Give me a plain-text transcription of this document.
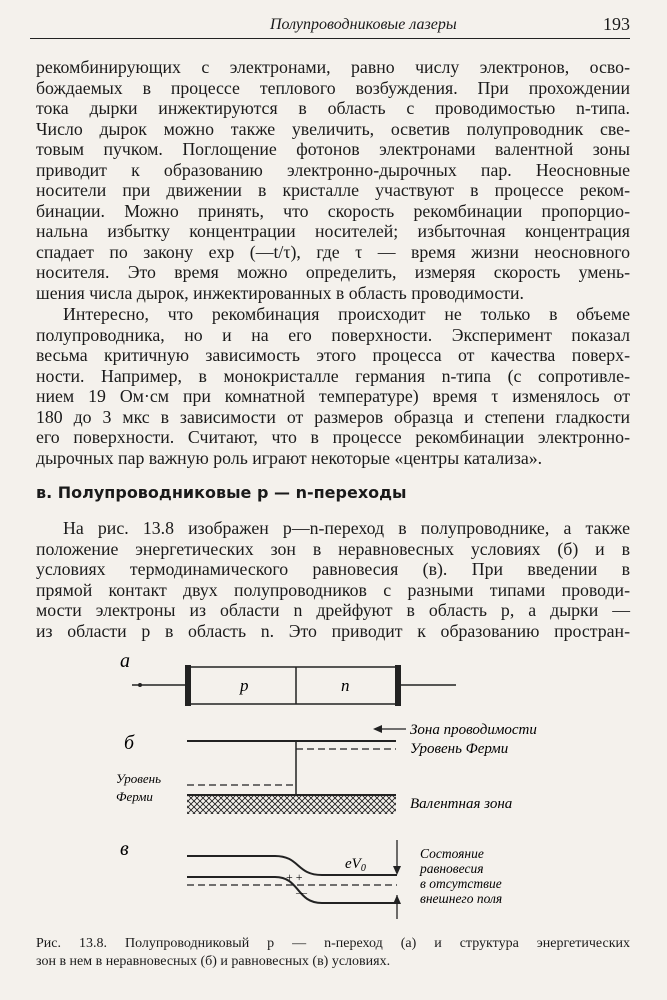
Полупроводниковые лазеры	193
рекомбинирующих с электронами, равно числу электронов, осво-
бождаемых в процессе теплового возбуждения. При прохождении
тока дырки инжектируются в область с проводимостью n-типа.
Число дырок можно также увеличить, осветив полупроводник све-
товым пучком. Поглощение фотонов электронами валентной зоны
приводит к образованию электронно-дырочных пар. Неосновные
носители при движении в кристалле участвуют в процессе реком-
бинации. Можно принять, что скорость рекомбинации пропорцио-
нальна избытку концентрации носителей; избыточная концентрация
спадает по закону exp (—t/τ), где τ — время жизни неосновного
носителя. Это время можно определить, измеряя скорость умень-
шения числа дырок, инжектированных в область проводимости.
Интересно, что рекомбинация происходит не только в объеме
полупроводника, но и на его поверхности. Эксперимент показал
весьма критичную зависимость этого процесса от качества поверх-
ности. Например, в монокристалле германия n-типа (с сопротивле-
нием 19 Ом·см при комнатной температуре) время τ изменялось от
180 до 3 мкс в зависимости от размеров образца и степени гладкости
его поверхности. Считают, что в процессе рекомбинации электронно-
дырочных пар важную роль играют некоторые «центры катализа».
в. Полупроводниковые p — n-переходы
На рис. 13.8 изображен p—n-переход в полупроводнике, а также
положение энергетических зон в неравновесных условиях (б) и в
условиях термодинамического равновесия (в). При введении в
прямой контакт двух полупроводников с разными типами проводи-
мости электроны из области n дрейфуют в область p, а дырки —
из области p в область n. Это приводит к образованию простран-
а
p	n
б
Зона проводимости
Уровень Ферми
Уровень
Ферми	Валентная зона
в
+ +
—
$eV_0$
Состояние
равновесия
в отсутствие
внешнего поля
Рис. 13.8. Полупроводниковый p — n-переход (а) и структура энергетических
зон в нем в неравновесных (б) и равновесных (в) условиях.
